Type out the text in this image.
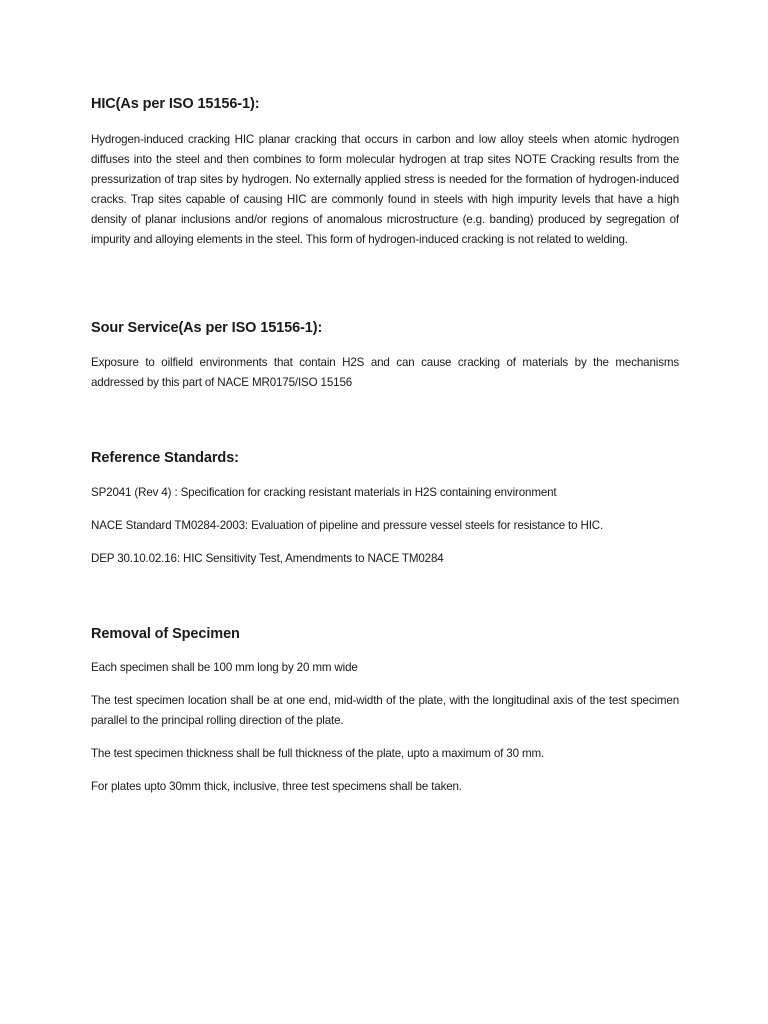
HIC(As per ISO 15156-1):

Hydrogen-induced cracking HIC planar cracking that occurs in carbon and low alloy steels when atomic hydrogen diffuses into the steel and then combines to form molecular hydrogen at trap sites NOTE Cracking results from the pressurization of trap sites by hydrogen. No externally applied stress is needed for the formation of hydrogen-induced cracks. Trap sites capable of causing HIC are commonly found in steels with high impurity levels that have a high density of planar inclusions and/or regions of anomalous microstructure (e.g. banding) produced by segregation of impurity and alloying elements in the steel. This form of hydrogen-induced cracking is not related to welding.

Sour Service(As per ISO 15156-1):

Exposure to oilfield environments that contain H2S and can cause cracking of materials by the mechanisms addressed by this part of NACE MR0175/ISO 15156

Reference Standards:

SP2041 (Rev 4) : Specification for cracking resistant materials in H2S containing environment

NACE Standard TM0284-2003: Evaluation of pipeline and pressure vessel steels for resistance to HIC.

DEP 30.10.02.16: HIC Sensitivity Test, Amendments to NACE TM0284

Removal of Specimen

Each specimen shall be 100 mm long by 20 mm wide

The test specimen location shall be at one end, mid-width of the plate, with the longitudinal axis of the test specimen parallel to the principal rolling direction of the plate.

The test specimen thickness shall be full thickness of the plate, upto a maximum of 30 mm.

For plates upto 30mm thick, inclusive, three test specimens shall be taken.
